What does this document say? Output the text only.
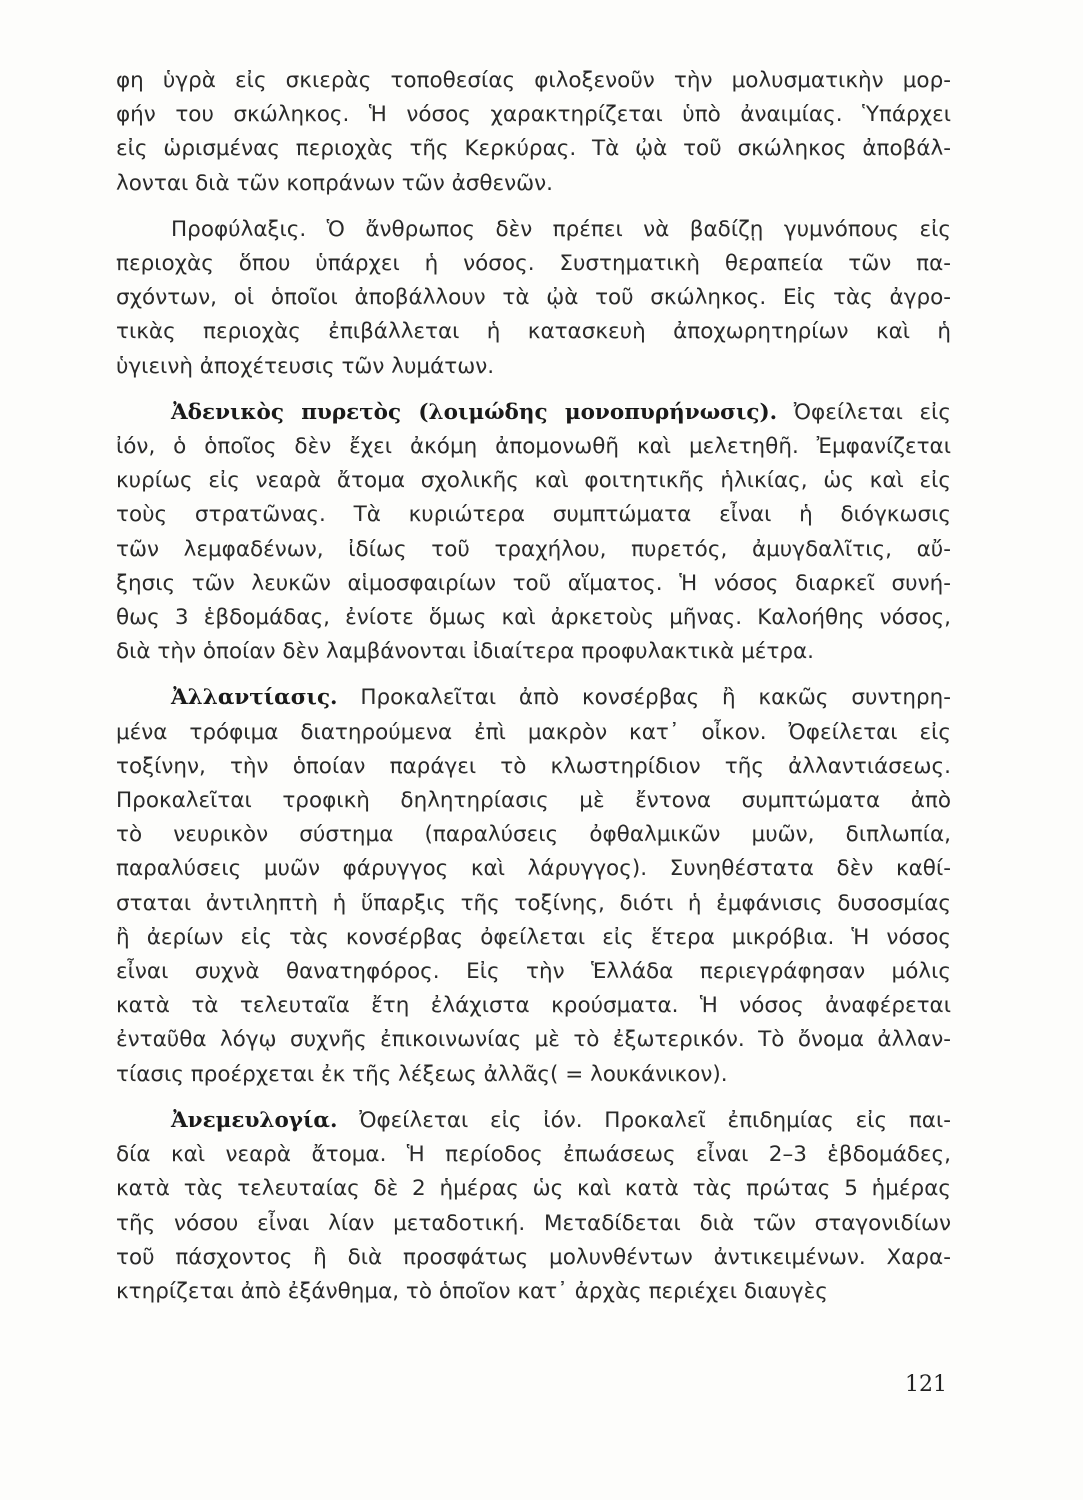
φη ὑγρὰ εἰς σκιερὰς τοποθεσίας φιλοξενοῦν τὴν μολυσματικὴν μορ-
φήν του σκώληκος. Ἡ νόσος χαρακτηρίζεται ὑπὸ ἀναιμίας. Ὑπάρχει
εἰς ὡρισμένας περιοχὰς τῆς Κερκύρας. Τὰ ᾠὰ τοῦ σκώληκος ἀποβάλ-
λονται διὰ τῶν κοπράνων τῶν ἀσθενῶν.
Προφύλαξις. Ὁ ἄνθρωπος δὲν πρέπει νὰ βαδίζῃ γυμνόπους εἰς
περιοχὰς ὅπου ὑπάρχει ἡ νόσος. Συστηματικὴ θεραπεία τῶν πα-
σχόντων, οἱ ὁποῖοι ἀποβάλλουν τὰ ᾠὰ τοῦ σκώληκος. Εἰς τὰς ἀγρο-
τικὰς περιοχὰς ἐπιβάλλεται ἡ κατασκευὴ ἀποχωρητηρίων καὶ ἡ
ὑγιεινὴ ἀποχέτευσις τῶν λυμάτων.
Ἀδενικὸς πυρετὸς (λοιμώδης μονοπυρήνωσις). Ὀφείλεται εἰς
ἰόν, ὁ ὁποῖος δὲν ἔχει ἀκόμη ἀπομονωθῆ καὶ μελετηθῆ. Ἐμφανίζεται
κυρίως εἰς νεαρὰ ἄτομα σχολικῆς καὶ φοιτητικῆς ἡλικίας, ὡς καὶ εἰς
τοὺς στρατῶνας. Τὰ κυριώτερα συμπτώματα εἶναι ἡ διόγκωσις
τῶν λεμφαδένων, ἰδίως τοῦ τραχήλου, πυρετός, ἀμυγδαλῖτις, αὔ-
ξησις τῶν λευκῶν αἱμοσφαιρίων τοῦ αἵματος. Ἡ νόσος διαρκεῖ συνή-
θως 3 ἑβδομάδας, ἐνίοτε ὅμως καὶ ἀρκετοὺς μῆνας. Καλοήθης νόσος,
διὰ τὴν ὁποίαν δὲν λαμβάνονται ἰδιαίτερα προφυλακτικὰ μέτρα.
Ἀλλαντίασις. Προκαλεῖται ἀπὸ κονσέρβας ἢ κακῶς συντηρη-
μένα τρόφιμα διατηρούμενα ἐπὶ μακρὸν κατ᾽ οἶκον. Ὀφείλεται εἰς
τοξίνην, τὴν ὁποίαν παράγει τὸ κλωστηρίδιον τῆς ἀλλαντιάσεως.
Προκαλεῖται τροφικὴ δηλητηρίασις μὲ ἔντονα συμπτώματα ἀπὸ
τὸ νευρικὸν σύστημα (παραλύσεις ὀφθαλμικῶν μυῶν, διπλωπία,
παραλύσεις μυῶν φάρυγγος καὶ λάρυγγος). Συνηθέστατα δὲν καθί-
σταται ἀντιληπτὴ ἡ ὕπαρξις τῆς τοξίνης, διότι ἡ ἐμφάνισις δυσοσμίας
ἢ ἀερίων εἰς τὰς κονσέρβας ὀφείλεται εἰς ἕτερα μικρόβια. Ἡ νόσος
εἶναι συχνὰ θανατηφόρος. Εἰς τὴν Ἑλλάδα περιεγράφησαν μόλις
κατὰ τὰ τελευταῖα ἔτη ἐλάχιστα κρούσματα. Ἡ νόσος ἀναφέρεται
ἐνταῦθα λόγῳ συχνῆς ἐπικοινωνίας μὲ τὸ ἐξωτερικόν. Τὸ ὄνομα ἀλλαν-
τίασις προέρχεται ἐκ τῆς λέξεως ἀλλᾶς( = λουκάνικον).
Ἀνεμευλογία. Ὀφείλεται εἰς ἰόν. Προκαλεῖ ἐπιδημίας εἰς παι-
δία καὶ νεαρὰ ἄτομα. Ἡ περίοδος ἐπωάσεως εἶναι 2–3 ἑβδομάδες,
κατὰ τὰς τελευταίας δὲ 2 ἡμέρας ὡς καὶ κατὰ τὰς πρώτας 5 ἡμέρας
τῆς νόσου εἶναι λίαν μεταδοτική. Μεταδίδεται διὰ τῶν σταγονιδίων
τοῦ πάσχοντος ἢ διὰ προσφάτως μολυνθέντων ἀντικειμένων. Χαρα-
κτηρίζεται ἀπὸ ἐξάνθημα, τὸ ὁποῖον κατ᾽ ἀρχὰς περιέχει διαυγὲς
121
